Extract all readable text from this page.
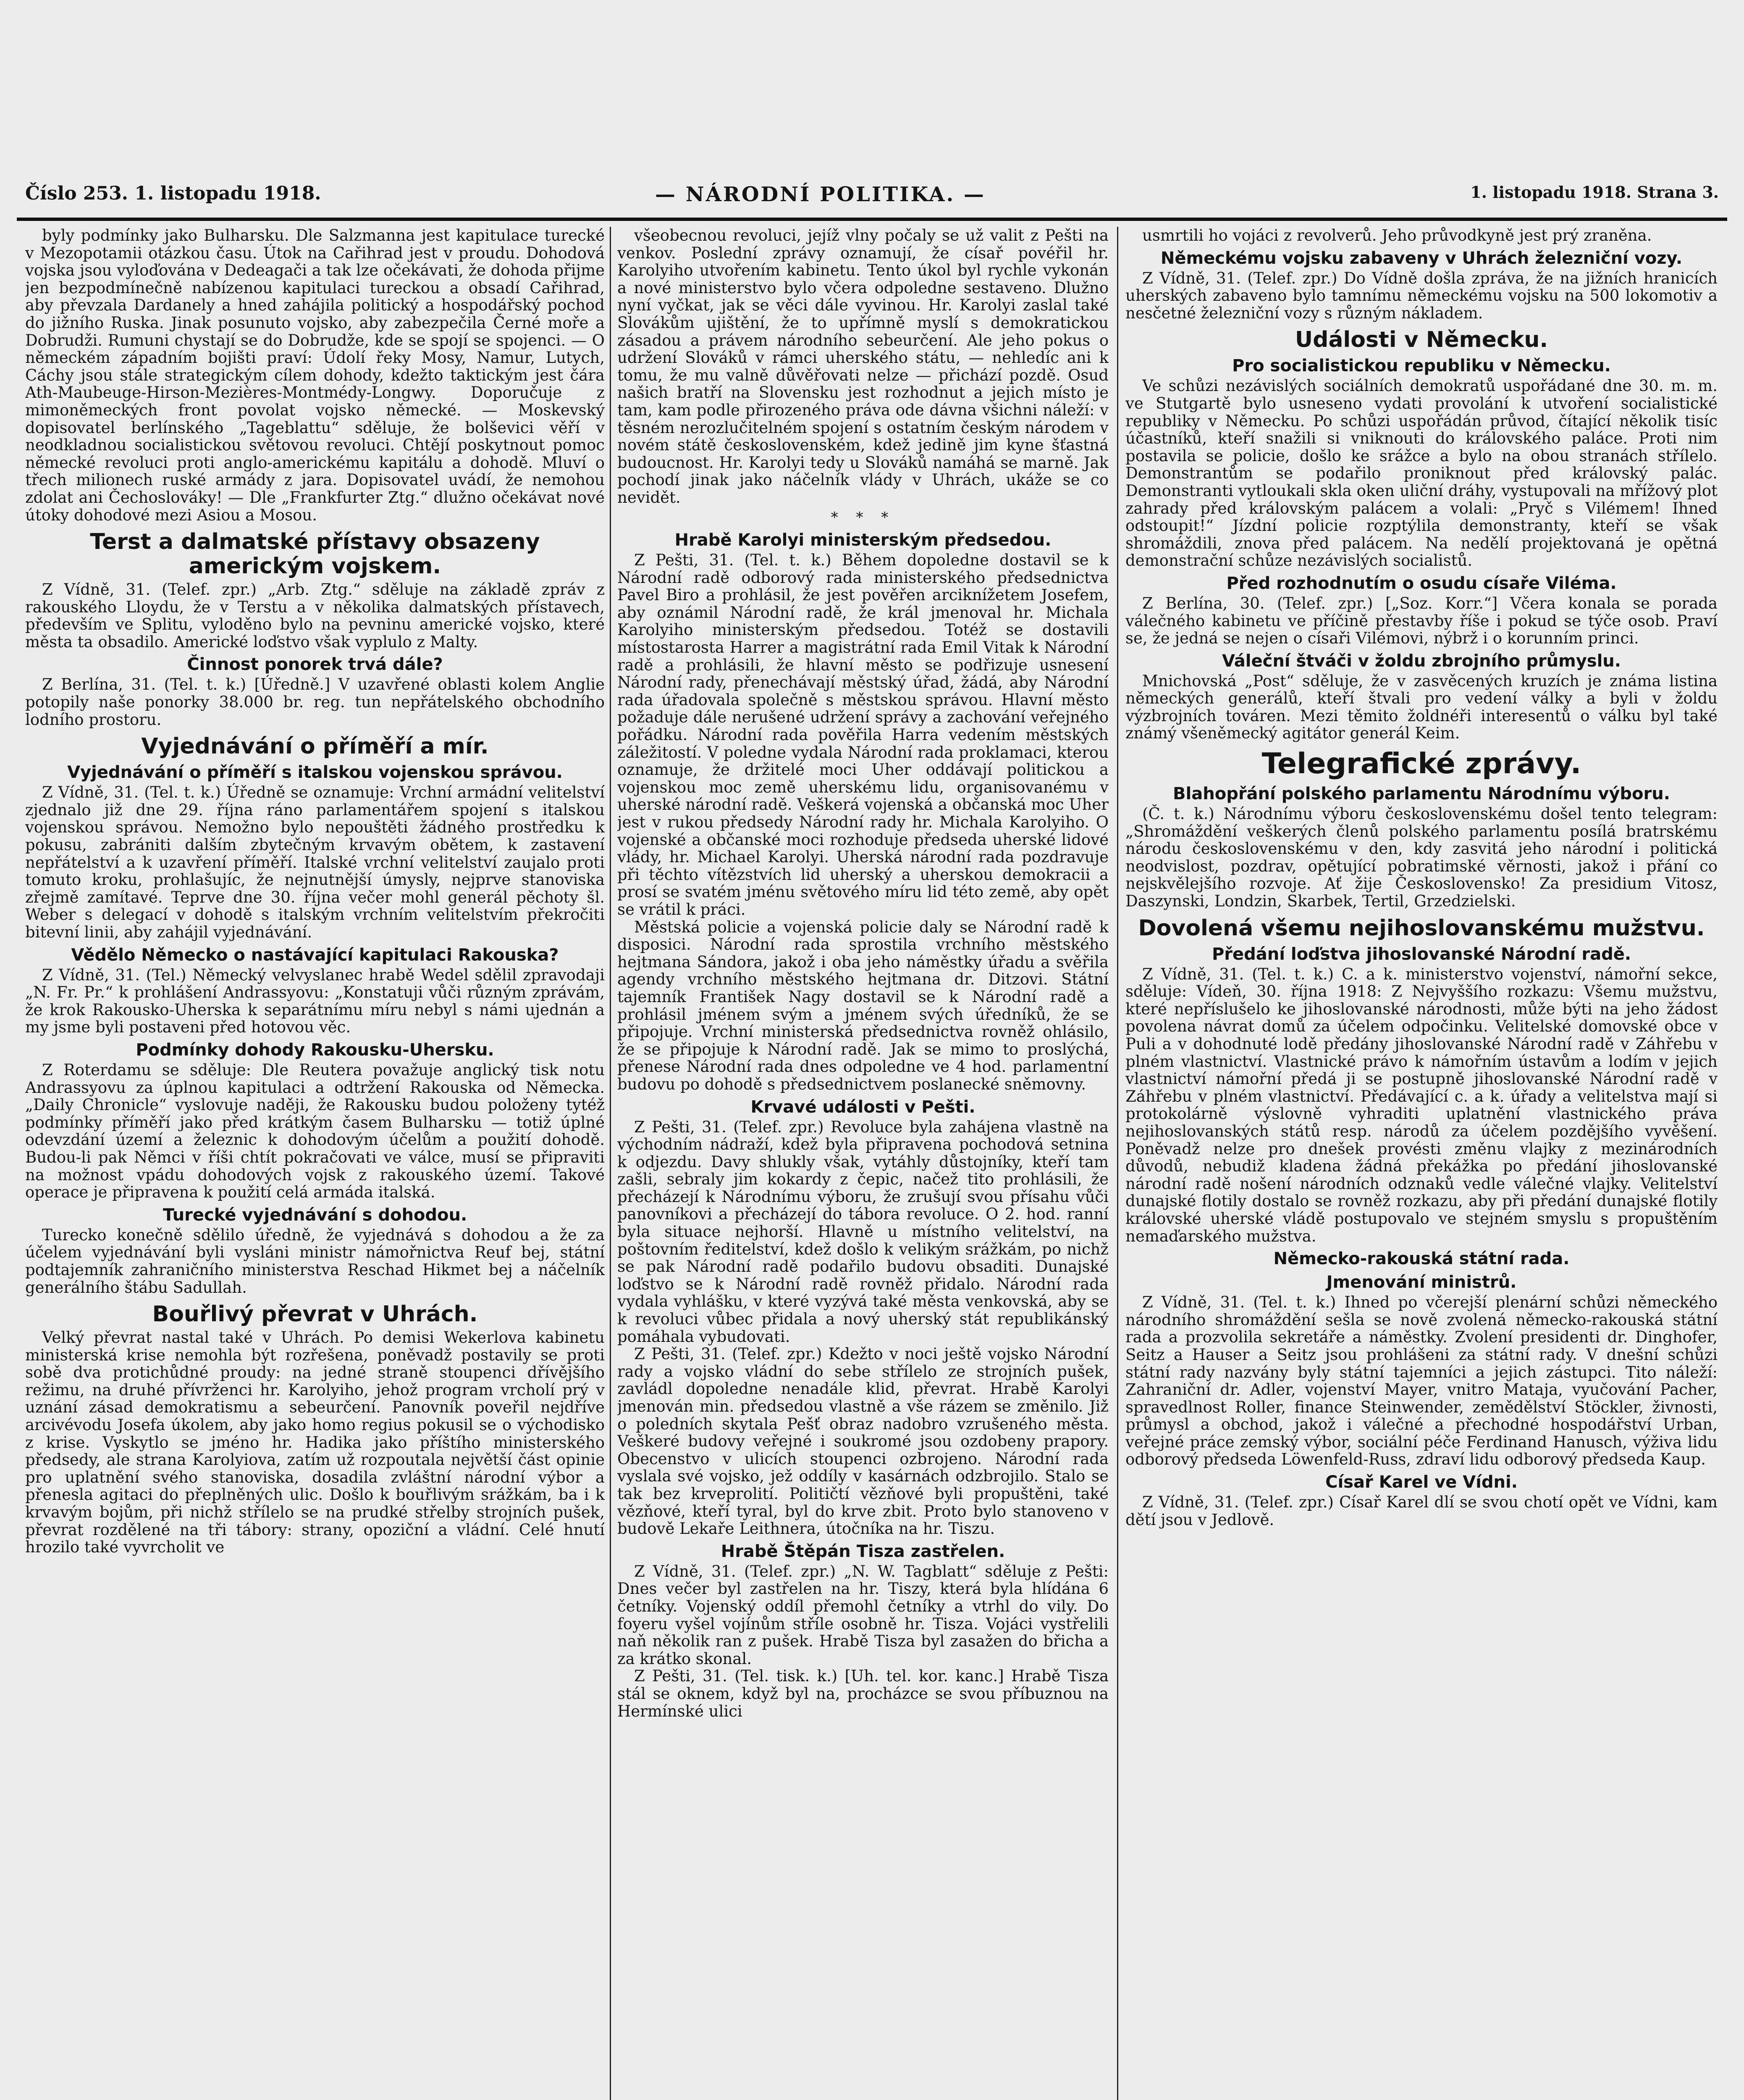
Číslo 253. 1. listopadu 1918.	— NÁRODNÍ POLITIKA. —	1. listopadu 1918. Strana 3.

byly podmínky jako Bulharsku. Dle Salzmanna jest kapitulace turecké v Mezopotamii otázkou času. Útok na Cařihrad jest v proudu. Dohodová vojska jsou vyloďována v Dedeagači a tak lze očekávati, že dohoda přijme jen bezpodmínečně nabízenou kapitulaci tureckou a obsadí Cařihrad, aby převzala Dardanely a hned zahájila politický a hospodářský pochod do jižního Ruska. Jinak posunuto vojsko, aby zabezpečila Černé moře a Dobrudži. Rumuni chystají se do Dobrudže, kde se spojí se spojenci. — O německém západním bojišti praví: Údolí řeky Mosy, Namur, Lutych, Cáchy jsou stále strategickým cílem dohody, kdežto taktickým jest čára Ath-Maubeuge-Hirson-Mezières-Montmédy-Longwy. Doporučuje z mimoněmeckých front povolat vojsko německé. — Moskevský dopisovatel berlínského „Tageblattu“ sděluje, že bolševici věří v neodkladnou socialistickou světovou revoluci. Chtějí poskytnout pomoc německé revoluci proti anglo-americkému kapitálu a dohodě. Mluví o třech milionech ruské armády z jara. Dopisovatel uvádí, že nemohou zdolat ani Čechoslováky! — Dle „Frankfurter Ztg.“ dlužno očekávat nové útoky dohodové mezi Asiou a Mosou.

Terst a dalmatské přístavy obsazeny americkým vojskem.

Z Vídně, 31. (Telef. zpr.) „Arb. Ztg.“ sděluje na základě zpráv z rakouského Lloydu, že v Terstu a v několika dalmatských přístavech, především ve Splitu, vyloděno bylo na pevninu americké vojsko, které města ta obsadilo. Americké loďstvo však vyplulo z Malty.

Činnost ponorek trvá dále?

Z Berlína, 31. (Tel. t. k.) [Úředně.] V uzavřené oblasti kolem Anglie potopily naše ponorky 38.000 br. reg. tun nepřátelského obchodního lodního prostoru.

Vyjednávání o příměří a mír.
Vyjednávání o příměří s italskou vojenskou správou.

Z Vídně, 31. (Tel. t. k.) Úředně se oznamuje: Vrchní armádní velitelství zjednalo již dne 29. října ráno parlamentářem spojení s italskou vojenskou správou. Nemožno bylo nepouštěti žádného prostředku k pokusu, zabrániti dalším zbytečným krvavým obětem, k zastavení nepřátelství a k uzavření příměří. Italské vrchní velitelství zaujalo proti tomuto kroku, prohlašujíc, že nejnutnější úmysly, nejprve stanoviska zřejmě zamítavé. Teprve dne 30. října večer mohl generál pěchoty šl. Weber s delegací v dohodě s italským vrchním velitelstvím překročiti bitevní linii, aby zahájil vyjednávání.

Vědělo Německo o nastávající kapitulaci Rakouska?

Z Vídně, 31. (Tel.) Německý velvyslanec hrabě Wedel sdělil zpravodaji „N. Fr. Pr.“ k prohlášení Andrassyovu: „Konstatuji vůči různým zprávám, že krok Rakousko-Uherska k separátnímu míru nebyl s námi ujednán a my jsme byli postaveni před hotovou věc.

Podmínky dohody Rakousku-Uhersku.

Z Roterdamu se sděluje: Dle Reutera považuje anglický tisk notu Andrassyovu za úplnou kapitulaci a odtržení Rakouska od Německa. „Daily Chronicle“ vyslovuje naději, že Rakousku budou položeny tytéž podmínky příměří jako před krátkým časem Bulharsku — totiž úplné odevzdání území a železnic k dohodovým účelům a použití dohodě. Budou-li pak Němci v říši chtít pokračovati ve válce, musí se připraviti na možnost vpádu dohodových vojsk z rakouského území. Takové operace je připravena k použití celá armáda italská.

Turecké vyjednávání s dohodou.

Turecko konečně sdělilo úředně, že vyjednává s dohodou a že za účelem vyjednávání byli vysláni ministr námořnictva Reuf bej, státní podtajemník zahraničního ministerstva Reschad Hikmet bej a náčelník generálního štábu Sadullah.

Bouřlivý převrat v Uhrách.

Velký převrat nastal také v Uhrách. Po demisi Wekerlova kabinetu ministerská krise nemohla být rozřešena, poněvadž postavily se proti sobě dva protichůdné proudy: na jedné straně stoupenci dřívějšího režimu, na druhé přívrženci hr. Karolyiho, jehož program vrcholí prý v uznání zásad demokratismu a sebeurčení. Panovník poveřil nejdříve arcivévodu Josefa úkolem, aby jako homo regius pokusil se o východisko z krise. Vyskytlo se jméno hr. Hadika jako příštího ministerského předsedy, ale strana Karolyiova, zatím už rozpoutala největší část opinie pro uplatnění svého stanoviska, dosadila zvláštní národní výbor a přenesla agitaci do přeplněných ulic. Došlo k bouřlivým srážkám, ba i k krvavým bojům, při nichž střílelo se na prudké střelby strojních pušek, převrat rozdělené na tři tábory: strany, opoziční a vládní. Celé hnutí hrozilo také vyvrcholit ve

všeobecnou revoluci, jejíž vlny počaly se už valit z Pešti na venkov. Poslední zprávy oznamují, že císař povéřil hr. Karolyiho utvořením kabinetu. Tento úkol byl rychle vykonán a nové ministerstvo bylo včera odpoledne sestaveno. Dlužno nyní vyčkat, jak se věci dále vyvinou. Hr. Karolyi zaslal také Slovákům ujištění, že to upřímně myslí s demokratickou zásadou a právem národního sebeurčení. Ale jeho pokus o udržení Slováků v rámci uherského státu, — nehledíc ani k tomu, že mu valně důvěřovati nelze — přichází pozdě. Osud našich bratří na Slovensku jest rozhodnut a jejich místo je tam, kam podle přirozeného práva ode dávna všichni náleží: v těsném nerozlučitelném spojení s ostatním českým národem v novém státě československém, kdež jedině jim kyne šťastná budoucnost. Hr. Karolyi tedy u Slováků namáhá se marně. Jak pochodí jinak jako náčelník vlády v Uhrách, ukáže se co nevidět.

* * *
Hrabě Karolyi ministerským předsedou.

Z Pešti, 31. (Tel. t. k.) Během dopoledne dostavil se k Národní radě odborový rada ministerského předsednictva Pavel Biro a prohlásil, že jest pověřen arciknížetem Josefem, aby oznámil Národní radě, že král jmenoval hr. Michala Karolyiho ministerským předsedou. Totéž se dostavili místostarosta Harrer a magistrátní rada Emil Vitak k Národní radě a prohlásili, že hlavní město se podřizuje usnesení Národní rady, přenechávají městský úřad, žádá, aby Národní rada úřadovala společně s městskou správou. Hlavní město požaduje dále nerušené udržení správy a zachování veřejného pořádku. Národní rada pověřila Harra vedením městských záležitostí. V poledne vydala Národní rada proklamaci, kterou oznamuje, že držitelé moci Uher oddávají politickou a vojenskou moc země uherskému lidu, organisovanému v uherské národní radě. Veškerá vojenská a občanská moc Uher jest v rukou předsedy Národní rady hr. Michala Karolyiho. O vojenské a občanské moci rozhoduje předseda uherské lidové vlády, hr. Michael Karolyi. Uherská národní rada pozdravuje při těchto vítězstvích lid uherský a uherskou demokracii a prosí se svatém jménu světového míru lid této země, aby opět se vrátil k práci.

Městská policie a vojenská policie daly se Národní radě k disposici. Národní rada sprostila vrchního městského hejtmana Sándora, jakož i oba jeho náměstky úřadu a svěřila agendy vrchního městského hejtmana dr. Ditzovi. Státní tajemník František Nagy dostavil se k Národní radě a prohlásil jménem svým a jménem svých úředníků, že se připojuje. Vrchní ministerská předsednictva rovněž ohlásilo, že se připojuje k Národní radě. Jak se mimo to proslýchá, přenese Národní rada dnes odpoledne ve 4 hod. parlamentní budovu po dohodě s předsednictvem poslanecké sněmovny.

Krvavé události v Pešti.

Z Pešti, 31. (Telef. zpr.) Revoluce byla zahájena vlastně na východním nádraží, kdež byla připravena pochodová setnina k odjezdu. Davy shlukly však, vytáhly důstojníky, kteří tam zašli, sebraly jim kokardy z čepic, načež tito prohlásili, že přecházejí k Národnímu výboru, že zrušují svou přísahu vůči panovníkovi a přecházejí do tábora revoluce. O 2. hod. ranní byla situace nejhorší. Hlavně u místního velitelství, na poštovním ředitelství, kdež došlo k velikým srážkám, po nichž se pak Národní radě podařilo budovu obsaditi. Dunajské loďstvo se k Národní radě rovněž přidalo. Národní rada vydala vyhlášku, v které vyzývá také města venkovská, aby se k revoluci vůbec přidala a nový uherský stát republikánský pomáhala vybudovati.

Z Pešti, 31. (Telef. zpr.) Kdežto v noci ještě vojsko Národní rady a vojsko vládní do sebe střílelo ze strojních pušek, zavládl dopoledne nenadále klid, převrat. Hrabě Karolyi jmenován min. předsedou vlastně a vše rázem se změnilo. Již o poledních skytala Pešť obraz nadobro vzrušeného města. Veškeré budovy veřejné i soukromé jsou ozdobeny prapory. Obecenstvo v ulicích stoupenci ozbrojeno. Národní rada vyslala své vojsko, jež oddíly v kasárnách odzbrojilo. Stalo se tak bez krveprolití. Političtí vězňové byli propuštěni, také vězňové, kteří tyral, byl do krve zbit. Proto bylo stanoveno v budově Lekaře Leithnera, útočníka na hr. Tiszu.

Hrabě Štěpán Tisza zastřelen.

Z Vídně, 31. (Telef. zpr.) „N. W. Tagblatt“ sděluje z Pešti: Dnes večer byl zastřelen na hr. Tiszy, která byla hlídána 6 četníky. Vojenský oddíl přemohl četníky a vtrhl do vily. Do foyeru vyšel vojínům stříle osobně hr. Tisza. Vojáci vystřelili naň několik ran z pušek. Hrabě Tisza byl zasažen do břicha a za krátko skonal.

Z Pešti, 31. (Tel. tisk. k.) [Uh. tel. kor. kanc.] Hrabě Tisza stál se oknem, když byl na, procházce se svou příbuznou na Hermínské ulici

usmrtili ho vojáci z revolverů. Jeho průvodkyně jest prý zraněna.

Německému vojsku zabaveny v Uhrách železniční vozy.

Z Vídně, 31. (Telef. zpr.) Do Vídně došla zpráva, že na jižních hranicích uherských zabaveno bylo tamnímu německému vojsku na 500 lokomotiv a nesčetné železniční vozy s různým nákladem.

Události v Německu.
Pro socialistickou republiku v Německu.

Ve schůzi nezávislých sociálních demokratů uspořádané dne 30. m. m. ve Stutgartě bylo usneseno vydati provolání k utvoření socialistické republiky v Německu. Po schůzi uspořádán průvod, čítající několik tisíc účastníků, kteří snažili si vniknouti do královského paláce. Proti nim postavila se policie, došlo ke srážce a bylo na obou stranách střílelo. Demonstrantům se podařilo proniknout před královský palác. Demonstranti vytloukali skla oken uliční dráhy, vystupovali na mřížový plot zahrady před královským palácem a volali: „Pryč s Vilémem! Ihned odstoupit!“ Jízdní policie rozptýlila demonstranty, kteří se však shromáždili, znova před palácem. Na nedělí projektovaná je opětná demonstrační schůze nezávislých socialistů.

Před rozhodnutím o osudu císaře Viléma.

Z Berlína, 30. (Telef. zpr.) [„Soz. Korr.“] Včera konala se porada válečného kabinetu ve příčině přestavby říše i pokud se týče osob. Praví se, že jedná se nejen o císaři Vilémovi, nýbrž i o korunním princi.

Váleční štváči v žoldu zbrojního průmyslu.

Mnichovská „Post“ sděluje, že v zasvěcených kruzích je známa listina německých generálů, kteří štvali pro vedení války a byli v žoldu výzbrojních továren. Mezi těmito žoldnéři interesentů o válku byl také známý všeněmecký agitátor generál Keim.

Telegrafické zprávy.
Blahopřání polského parlamentu Národnímu výboru.

(Č. t. k.) Národnímu výboru československému došel tento telegram: „Shromáždění veškerých členů polského parlamentu posílá bratrskému národu československému v den, kdy zasvitá jeho národní i politická neodvislost, pozdrav, opětující pobratimské věrnosti, jakož i přání co nejskvělejšího rozvoje. Ať žije Československo! Za presidium Vitosz, Daszynski, Londzin, Skarbek, Tertil, Grzedzielski.

Dovolená všemu nejihoslovanskému mužstvu.
Předání loďstva jihoslovanské Národní radě.

Z Vídně, 31. (Tel. t. k.) C. a k. ministerstvo vojenství, námořní sekce, sděluje: Vídeň, 30. října 1918: Z Nejvyššího rozkazu: Všemu mužstvu, které nepříslušelo ke jihoslovanské národnosti, může býti na jeho žádost povolena návrat domů za účelem odpočinku. Velitelské domovské obce v Puli a v dohodnuté lodě předány jihoslovanské Národní radě v Záhřebu v plném vlastnictví. Vlastnické právo k námořním ústavům a lodím v jejich vlastnictví námořní předá ji se postupně jihoslovanské Národní radě v Záhřebu v plném vlastnictví. Předávající c. a k. úřady a velitelstva mají si protokolárně výslovně vyhraditi uplatnění vlastnického práva nejihoslovanských států resp. národů za účelem pozdějšího vyvěšení. Poněvadž nelze pro dnešek provésti změnu vlajky z mezinárodních důvodů, nebudiž kladena žádná překážka po předání jihoslovanské národní radě nošení národních odznaků vedle válečné vlajky. Velitelství dunajské flotily dostalo se rovněž rozkazu, aby při předání dunajské flotily královské uherské vládě postupovalo ve stejném smyslu s propuštěním nemaďarského mužstva.

Německo-rakouská státní rada.
Jmenování ministrů.

Z Vídně, 31. (Tel. t. k.) Ihned po včerejší plenární schůzi německého národního shromáždění sešla se nově zvolená německo-rakouská státní rada a prozvolila sekretáře a náměstky. Zvolení presidenti dr. Dinghofer, Seitz a Hauser a Seitz jsou prohlášeni za státní rady. V dnešní schůzi státní rady nazvány byly státní tajemníci a jejich zástupci. Tito náleží: Zahraniční dr. Adler, vojenství Mayer, vnitro Mataja, vyučování Pacher, spravedlnost Roller, finance Steinwender, zemědělství Stöckler, živnosti, průmysl a obchod, jakož i válečné a přechodné hospodářství Urban, veřejné práce zemský výbor, sociální péče Ferdinand Hanusch, výživa lidu odborový předseda Löwenfeld-Russ, zdraví lidu odborový předseda Kaup.

Císař Karel ve Vídni.

Z Vídně, 31. (Telef. zpr.) Císař Karel dlí se svou chotí opět ve Vídni, kam dětí jsou v Jedlově.
